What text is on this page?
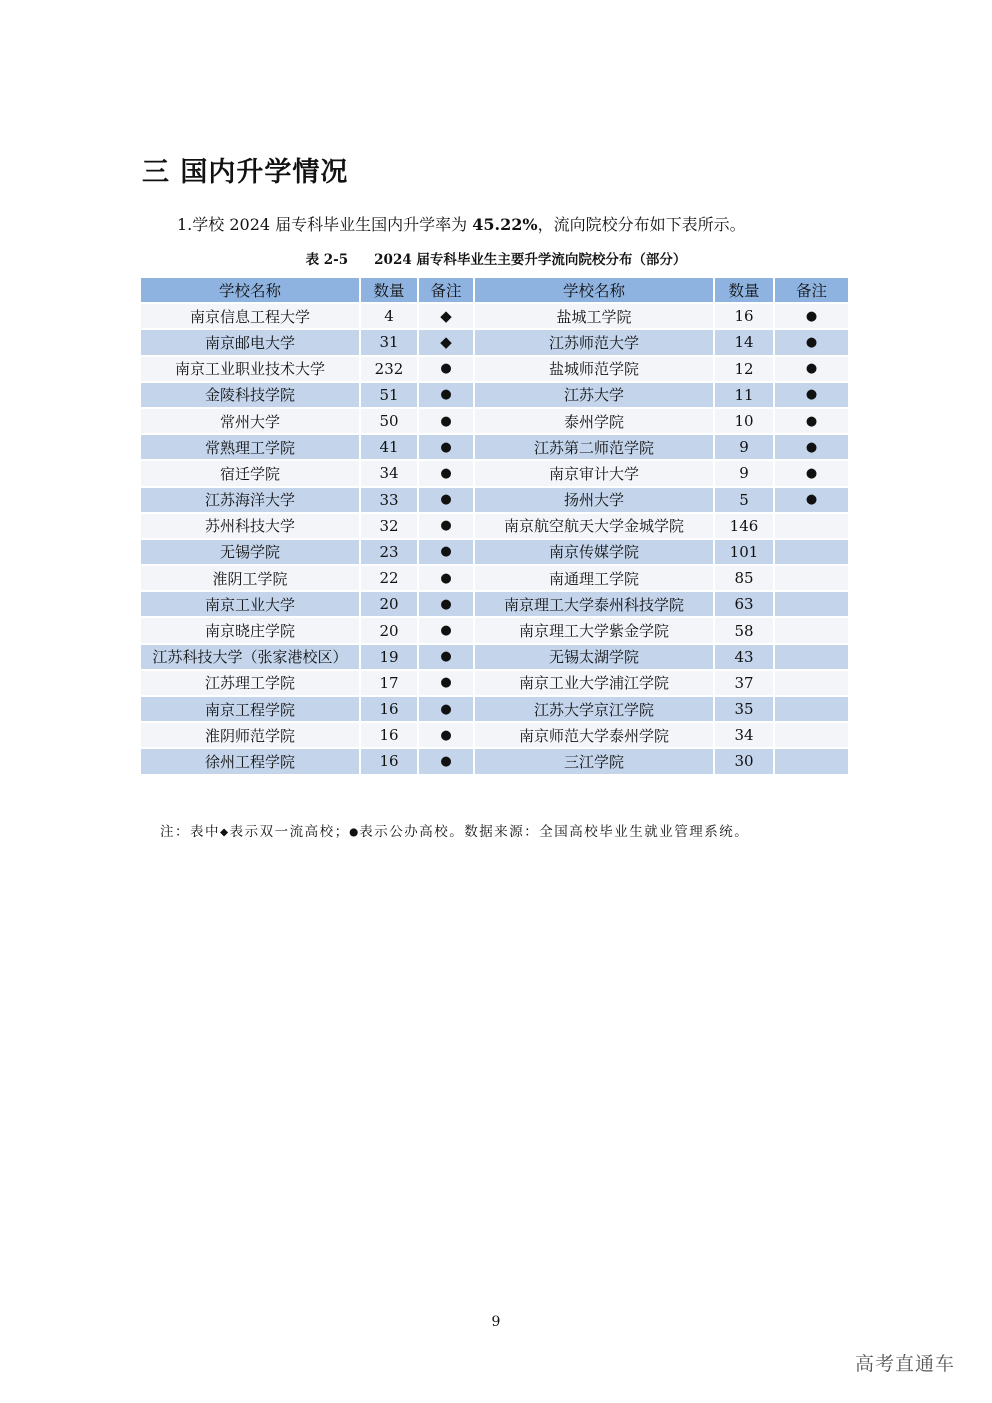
三 国内升学情况

1.学校 2024 届专科毕业生国内升学率为 45.22%，流向院校分布如下表所示。

表 2-5 2024 届专科毕业生主要升学流向院校分布（部分）
学校名称	数量	备注	学校名称	数量	备注
南京信息工程大学	4	◆	盐城工学院	16	●
南京邮电大学	31	◆	江苏师范大学	14	●
南京工业职业技术大学	232	●	盐城师范学院	12	●
金陵科技学院	51	●	江苏大学	11	●
常州大学	50	●	泰州学院	10	●
常熟理工学院	41	●	江苏第二师范学院	9	●
宿迁学院	34	●	南京审计大学	9	●
江苏海洋大学	33	●	扬州大学	5	●
苏州科技大学	32	●	南京航空航天大学金城学院	146	
无锡学院	23	●	南京传媒学院	101	
淮阴工学院	22	●	南通理工学院	85	
南京工业大学	20	●	南京理工大学泰州科技学院	63	
南京晓庄学院	20	●	南京理工大学紫金学院	58	
江苏科技大学（张家港校区）	19	●	无锡太湖学院	43	
江苏理工学院	17	●	南京工业大学浦江学院	37	
南京工程学院	16	●	江苏大学京江学院	35	
淮阴师范学院	16	●	南京师范大学泰州学院	34	
徐州工程学院	16	●	三江学院	30	
注：表中◆表示双一流高校；●表示公办高校。数据来源：全国高校毕业生就业管理系统。
9
高考直通车
